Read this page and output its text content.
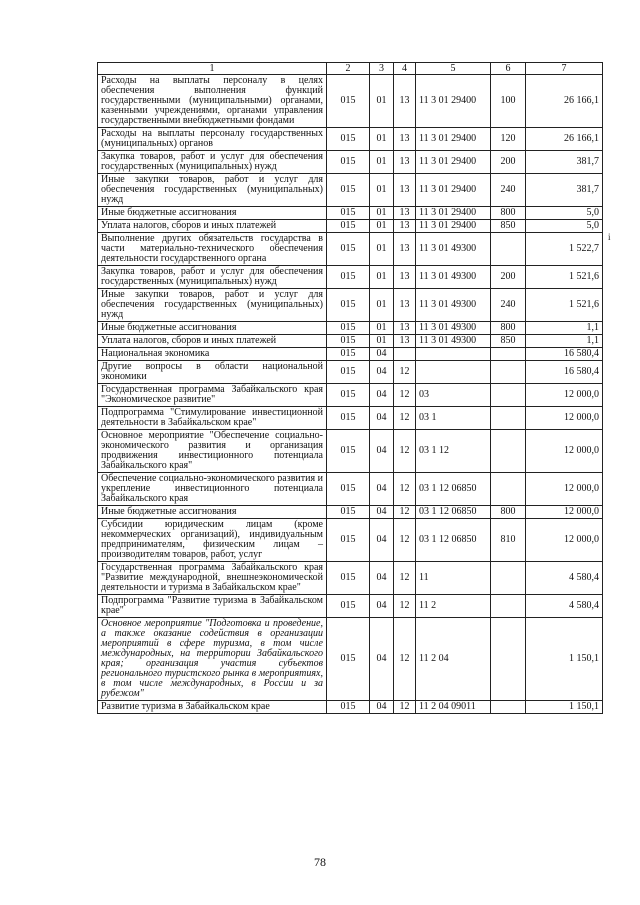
i
1	2	3	4	5	6	7
Расходы на выплаты персоналу в целях обеспечения выполнения функций государственными (муниципальными) органами, казенными учреждениями, органами управления государственными внебюджетными фондами	015	01	13	11 3 01 29400	100	26 166,1
Расходы на выплаты персоналу государственных (муниципальных) органов	015	01	13	11 3 01 29400	120	26 166,1
Закупка товаров, работ и услуг для обеспечения государственных (муниципальных) нужд	015	01	13	11 3 01 29400	200	381,7
Иные закупки товаров, работ и услуг для обеспечения государственных (муниципальных) нужд	015	01	13	11 3 01 29400	240	381,7
Иные бюджетные ассигнования	015	01	13	11 3 01 29400	800	5,0
Уплата налогов, сборов и иных платежей	015	01	13	11 3 01 29400	850	5,0
Выполнение других обязательств государства в части материально-технического обеспечения деятельности государственного органа	015	01	13	11 3 01 49300		1 522,7
Закупка товаров, работ и услуг для обеспечения государственных (муниципальных) нужд	015	01	13	11 3 01 49300	200	1 521,6
Иные закупки товаров, работ и услуг для обеспечения государственных (муниципальных) нужд	015	01	13	11 3 01 49300	240	1 521,6
Иные бюджетные ассигнования	015	01	13	11 3 01 49300	800	1,1
Уплата налогов, сборов и иных платежей	015	01	13	11 3 01 49300	850	1,1
Национальная экономика	015	04				16 580,4
Другие вопросы в области национальной экономики	015	04	12			16 580,4
Государственная программа Забайкальского края "Экономическое развитие"	015	04	12	03		12 000,0
Подпрограмма "Стимулирование инвестиционной деятельности в Забайкальском крае"	015	04	12	03 1		12 000,0
Основное мероприятие "Обеспечение социально-экономического развития и организация продвижения инвестиционного потенциала Забайкальского края"	015	04	12	03 1 12		12 000,0
Обеспечение социально-экономического развития и укрепление инвестиционного потенциала Забайкальского края	015	04	12	03 1 12 06850		12 000,0
Иные бюджетные ассигнования	015	04	12	03 1 12 06850	800	12 000,0
Субсидии юридическим лицам (кроме некоммерческих организаций), индивидуальным предпринимателям, физическим лицам – производителям товаров, работ, услуг	015	04	12	03 1 12 06850	810	12 000,0
Государственная программа Забайкальского края "Развитие международной, внешнеэкономической деятельности и туризма в Забайкальском крае"	015	04	12	11		4 580,4
Подпрограмма "Развитие туризма в Забайкальском крае"	015	04	12	11 2		4 580,4
Основное мероприятие "Подготовка и проведение, а также оказание содействия в организации мероприятий в сфере туризма, в том числе международных, на территории Забайкальского края; организация участия субъектов регионального туристского рынка в мероприятиях, в том числе международных, в России и за рубежом"	015	04	12	11 2 04		1 150,1
Развитие туризма в Забайкальском крае	015	04	12	11 2 04 09011		1 150,1
78
